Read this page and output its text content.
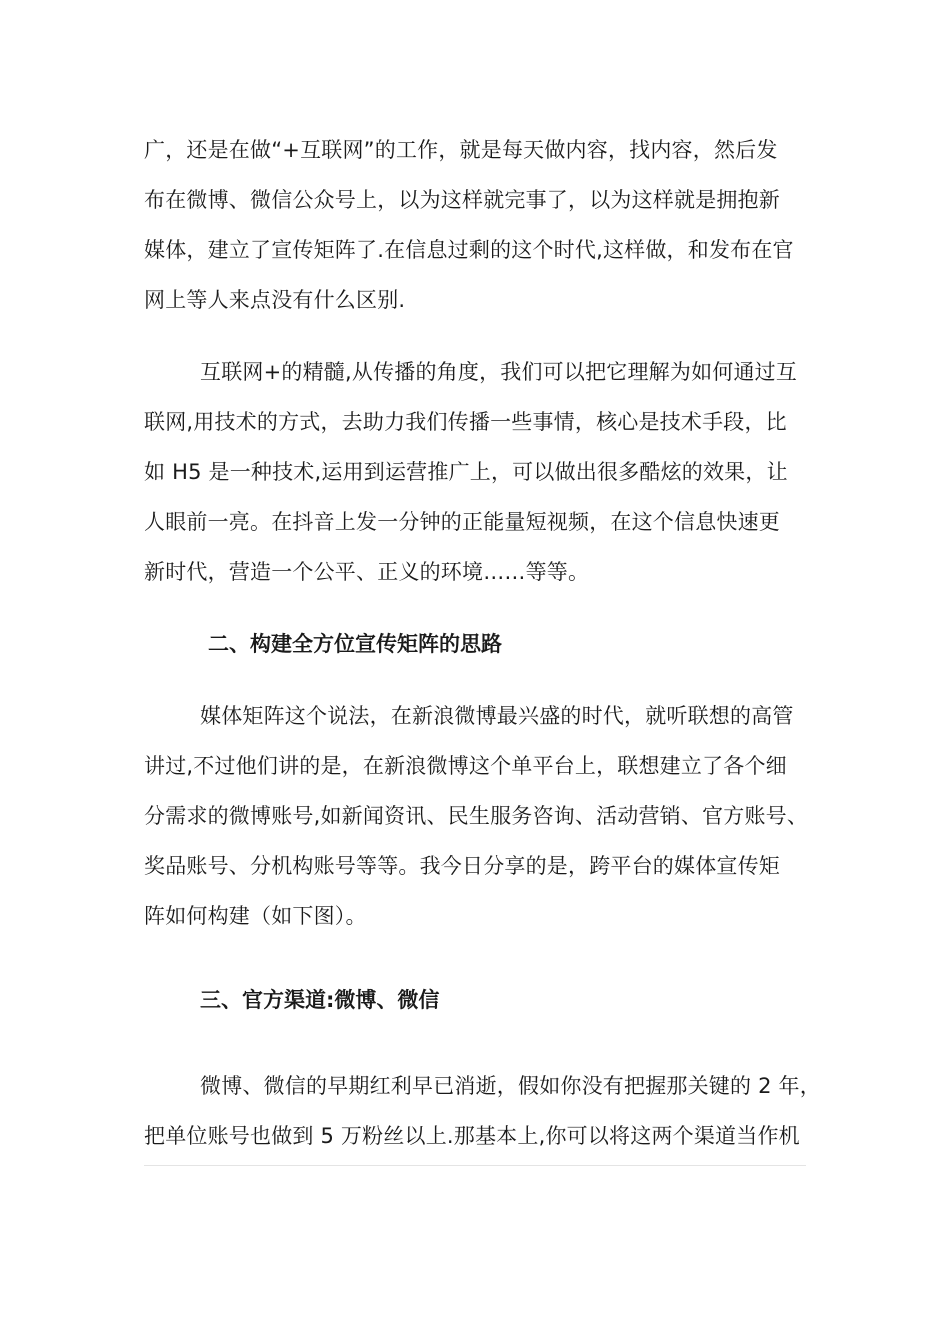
广，还是在做“+互联网”的工作，就是每天做内容，找内容，然后发
布在微博、微信公众号上，以为这样就完事了，以为这样就是拥抱新
媒体，建立了宣传矩阵了.在信息过剩的这个时代,这样做，和发布在官
网上等人来点没有什么区别.
互联网+的精髓,从传播的角度，我们可以把它理解为如何通过互
联网,用技术的方式，去助力我们传播一些事情，核心是技术手段，比
如 H5 是一种技术,运用到运营推广上，可以做出很多酷炫的效果，让
人眼前一亮。在抖音上发一分钟的正能量短视频，在这个信息快速更
新时代，营造一个公平、正义的环境……等等。
二、构建全方位宣传矩阵的思路
媒体矩阵这个说法，在新浪微博最兴盛的时代，就听联想的高管
讲过,不过他们讲的是，在新浪微博这个单平台上，联想建立了各个细
分需求的微博账号,如新闻资讯、民生服务咨询、活动营销、官方账号、
奖品账号、分机构账号等等。我今日分享的是，跨平台的媒体宣传矩
阵如何构建（如下图）。
三、官方渠道:微博、微信
微博、微信的早期红利早已消逝，假如你没有把握那关键的 2 年，
把单位账号也做到 5 万粉丝以上.那基本上,你可以将这两个渠道当作机
